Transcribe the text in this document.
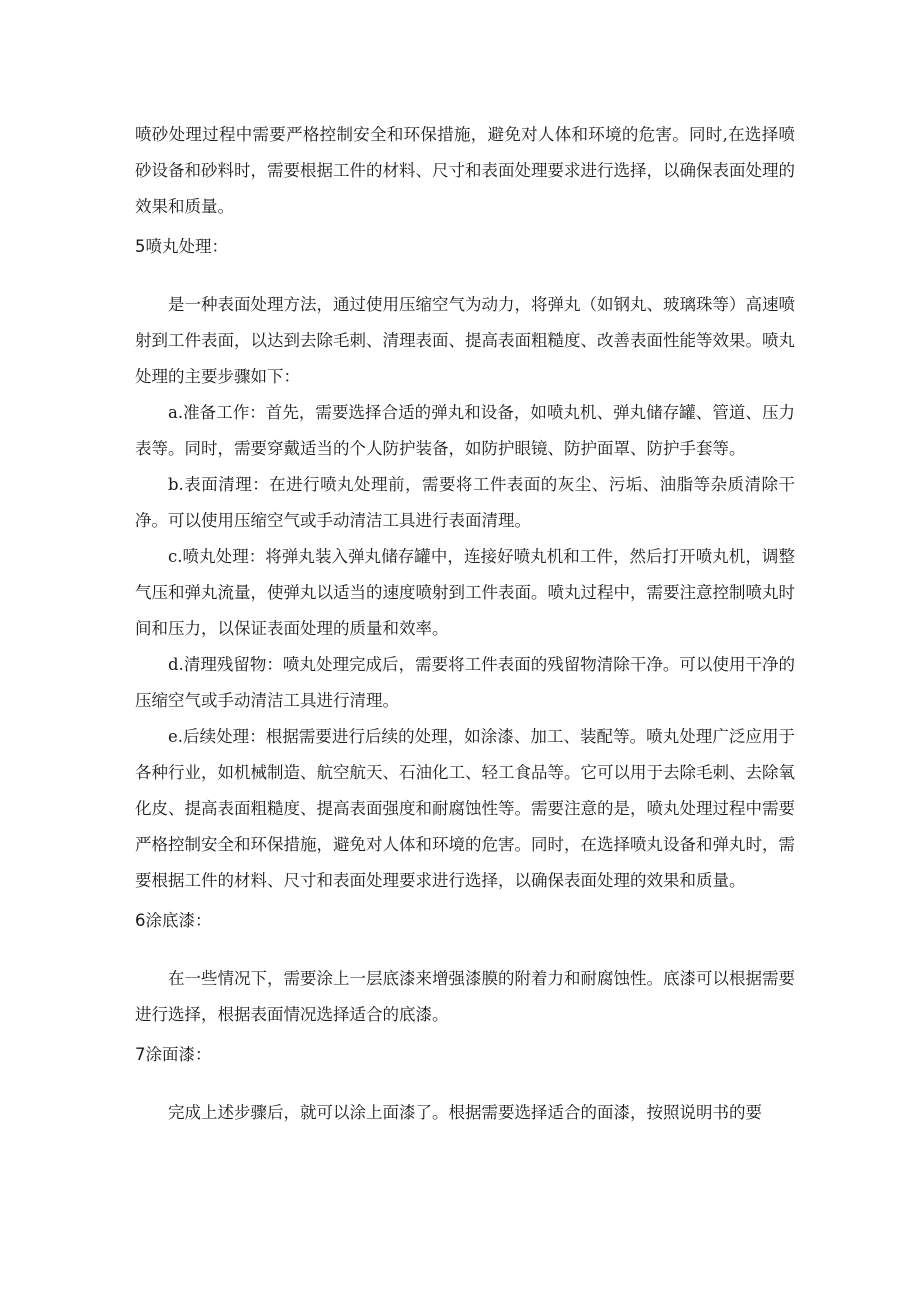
喷砂处理过程中需要严格控制安全和环保措施，避免对人体和环境的危害。同时,在选择喷砂设备和砂料时，需要根据工件的材料、尺寸和表面处理要求进行选择，以确保表面处理的效果和质量。

5喷丸处理：

是一种表面处理方法，通过使用压缩空气为动力，将弹丸（如钢丸、玻璃珠等）高速喷射到工件表面，以达到去除毛刺、清理表面、提高表面粗糙度、改善表面性能等效果。喷丸处理的主要步骤如下：

a.准备工作：首先，需要选择合适的弹丸和设备，如喷丸机、弹丸储存罐、管道、压力表等。同时，需要穿戴适当的个人防护装备，如防护眼镜、防护面罩、防护手套等。

b.表面清理：在进行喷丸处理前，需要将工件表面的灰尘、污垢、油脂等杂质清除干净。可以使用压缩空气或手动清洁工具进行表面清理。

c.喷丸处理：将弹丸装入弹丸储存罐中，连接好喷丸机和工件，然后打开喷丸机，调整气压和弹丸流量，使弹丸以适当的速度喷射到工件表面。喷丸过程中，需要注意控制喷丸时间和压力，以保证表面处理的质量和效率。

d.清理残留物：喷丸处理完成后，需要将工件表面的残留物清除干净。可以使用干净的压缩空气或手动清洁工具进行清理。

e.后续处理：根据需要进行后续的处理，如涂漆、加工、装配等。喷丸处理广泛应用于各种行业，如机械制造、航空航天、石油化工、轻工食品等。它可以用于去除毛刺、去除氧化皮、提高表面粗糙度、提高表面强度和耐腐蚀性等。需要注意的是，喷丸处理过程中需要严格控制安全和环保措施，避免对人体和环境的危害。同时，在选择喷丸设备和弹丸时，需要根据工件的材料、尺寸和表面处理要求进行选择，以确保表面处理的效果和质量。

6涂底漆：

在一些情况下，需要涂上一层底漆来增强漆膜的附着力和耐腐蚀性。底漆可以根据需要进行选择，根据表面情况选择适合的底漆。

7涂面漆：

完成上述步骤后，就可以涂上面漆了。根据需要选择适合的面漆，按照说明书的要
